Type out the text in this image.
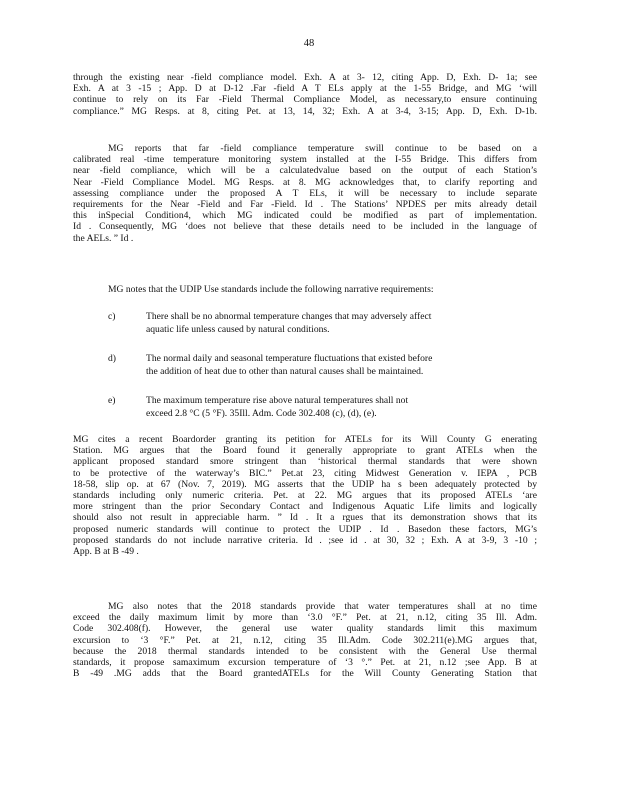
48
through the existing near -field compliance model. Exh. A at 3- 12, citing App. D, Exh. D- 1a; see
Exh. A at 3 -15 ; App. D at D-12 .Far -field A T ELs apply at the 1-55 Bridge, and MG ‘will
continue to rely on its Far -Field Thermal Compliance Model, as necessary,to ensure continuing
compliance.” MG Resps. at 8, citing Pet. at 13, 14, 32; Exh. A at 3-4, 3-15; App. D, Exh. D-1b.
MG reports that far -field compliance temperature swill continue to be based on a
calibrated real -time temperature monitoring system installed at the I-55 Bridge. This differs from
near -field compliance, which will be a calculatedvalue based on the output of each Station’s
Near -Field Compliance Model. MG Resps. at 8. MG acknowledges that, to clarify reporting and
assessing compliance under the proposed A T ELs, it will be necessary to include separate
requirements for the Near -Field and Far -Field. Id . The Stations’ NPDES per mits already detail
this inSpecial Condition4, which MG indicated could be modified as part of implementation.
Id . Consequently, MG ‘does not believe that these details need to be included in the language of
the AELs. ” Id .
MG notes that the UDIP Use standards include the following narrative requirements:
c)	There shall be no abnormal temperature changes that may adversely affect
aquatic life unless caused by natural conditions.
d)	The normal daily and seasonal temperature fluctuations that existed before
the addition of heat due to other than natural causes shall be maintained.
e)	The maximum temperature rise above natural temperatures shall not
exceed 2.8 °C (5 °F). 35Ill. Adm. Code 302.408 (c), (d), (e).
MG cites a recent Boardorder granting its petition for ATELs for its Will County G enerating
Station. MG argues that the Board found it generally appropriate to grant ATELs when the
applicant proposed standard smore stringent than ‘historical thermal standards that were shown
to be protective of the waterway’s BIC.” Pet.at 23, citing Midwest Generation v. IEPA , PCB
18-58, slip op. at 67 (Nov. 7, 2019). MG asserts that the UDIP ha s been adequately protected by
standards including only numeric criteria. Pet. at 22. MG argues that its proposed ATELs ‘are
more stringent than the prior Secondary Contact and Indigenous Aquatic Life limits and logically
should also not result in appreciable harm. ” Id . It a rgues that its demonstration shows that its
proposed numeric standards will continue to protect the UDIP . Id . Basedon these factors, MG’s
proposed standards do not include narrative criteria. Id . ;see id . at 30, 32 ; Exh. A at 3-9, 3 -10 ;
App. B at B -49 .
MG also notes that the 2018 standards provide that water temperatures shall at no time
exceed the daily maximum limit by more than ‘3.0 °F.” Pet. at 21, n.12, citing 35 Ill. Adm.
Code 302.408(f). However, the general use water quality standards limit this maximum
excursion to ‘3 °F.” Pet. at 21, n.12, citing 35 Ill.Adm. Code 302.211(e).MG argues that,
because the 2018 thermal standards intended to be consistent with the General Use thermal
standards, it propose samaximum excursion temperature of ‘3 °.” Pet. at 21, n.12 ;see App. B at
B -49 .MG adds that the Board grantedATELs for the Will County Generating Station that
